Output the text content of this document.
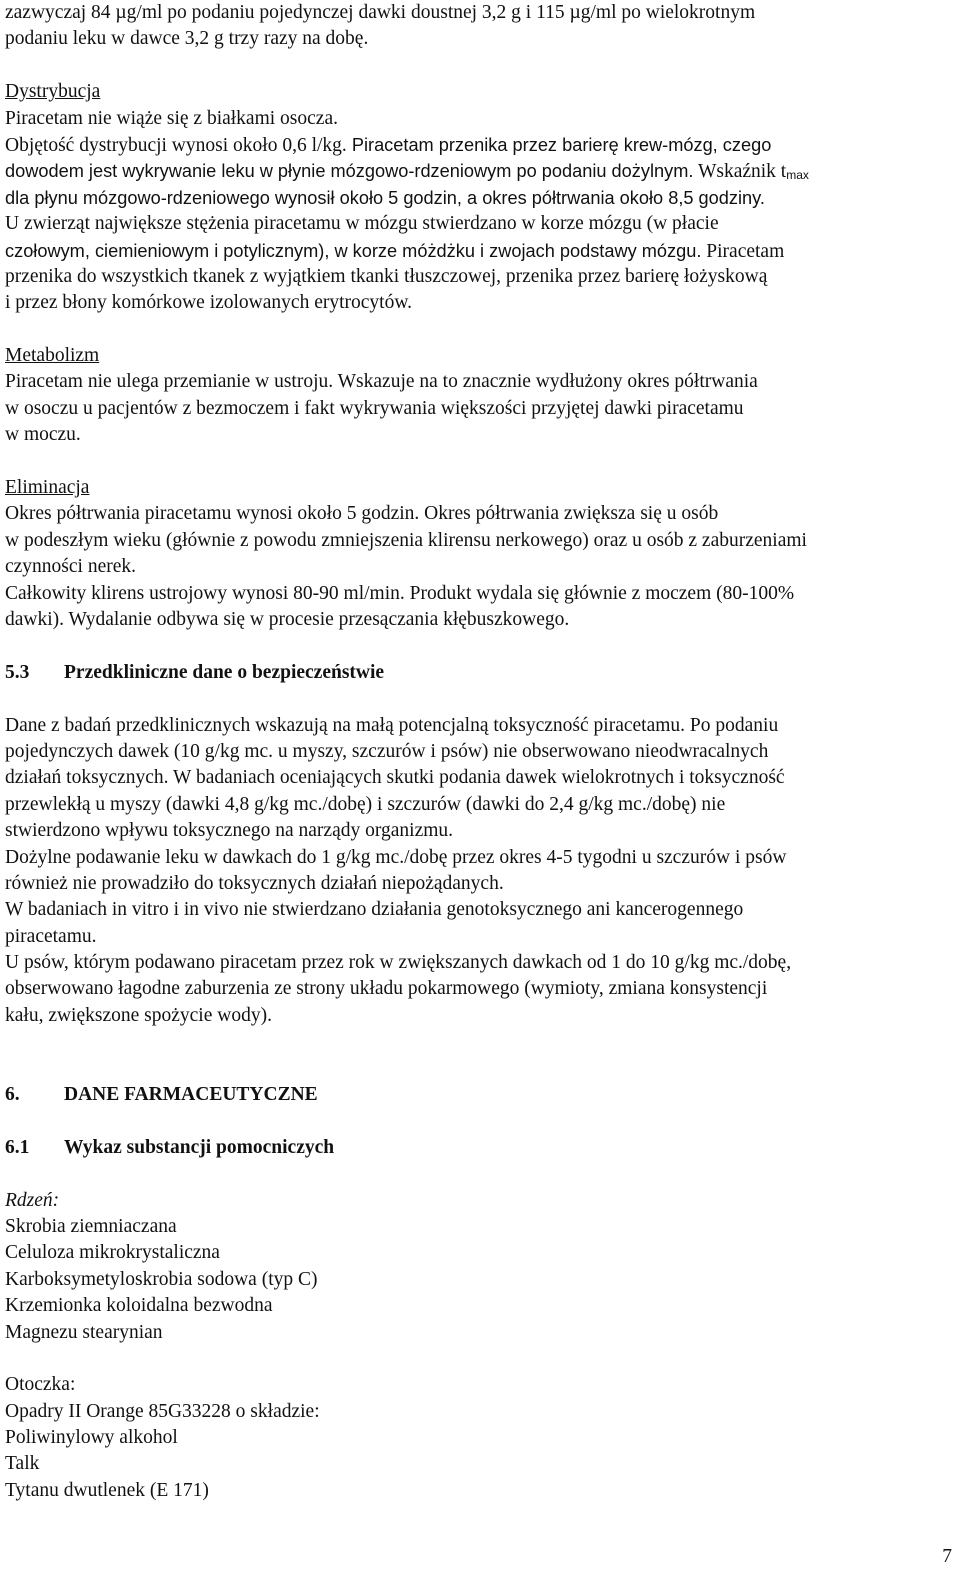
zazwyczaj 84 µg/ml po podaniu pojedynczej dawki doustnej 3,2 g i 115 µg/ml po wielokrotnym
podaniu leku w dawce 3,2 g trzy razy na dobę.
Dystrybucja
Piracetam nie wiąże się z białkami osocza.
Objętość dystrybucji wynosi około 0,6 l/kg. Piracetam przenika przez barierę krew-mózg, czego
dowodem jest wykrywanie leku w płynie mózgowo-rdzeniowym po podaniu dożylnym. Wskaźnik $t_{max}$
dla płynu mózgowo-rdzeniowego wynosił około 5 godzin, a okres półtrwania około 8,5 godziny.
U zwierząt największe stężenia piracetamu w mózgu stwierdzano w korze mózgu (w płacie
czołowym, ciemieniowym i potylicznym), w korze móżdżku i zwojach podstawy mózgu. Piracetam
przenika do wszystkich tkanek z wyjątkiem tkanki tłuszczowej, przenika przez barierę łożyskową
i przez błony komórkowe izolowanych erytrocytów.
Metabolizm
Piracetam nie ulega przemianie w ustroju. Wskazuje na to znacznie wydłużony okres półtrwania
w osoczu u pacjentów z bezmoczem i fakt wykrywania większości przyjętej dawki piracetamu
w moczu.
Eliminacja
Okres półtrwania piracetamu wynosi około 5 godzin. Okres półtrwania zwiększa się u osób
w podeszłym wieku (głównie z powodu zmniejszenia klirensu nerkowego) oraz u osób z zaburzeniami
czynności nerek.
Całkowity klirens ustrojowy wynosi 80-90 ml/min. Produkt wydala się głównie z moczem (80-100%
dawki). Wydalanie odbywa się w procesie przesączania kłębuszkowego.
5.3 Przedkliniczne dane o bezpieczeństwie
Dane z badań przedklinicznych wskazują na małą potencjalną toksyczność piracetamu. Po podaniu
pojedynczych dawek (10 g/kg mc. u myszy, szczurów i psów) nie obserwowano nieodwracalnych
działań toksycznych. W badaniach oceniających skutki podania dawek wielokrotnych i toksyczność
przewlekłą u myszy (dawki 4,8 g/kg mc./dobę) i szczurów (dawki do 2,4 g/kg mc./dobę) nie
stwierdzono wpływu toksycznego na narządy organizmu.
Dożylne podawanie leku w dawkach do 1 g/kg mc./dobę przez okres 4-5 tygodni u szczurów i psów
również nie prowadziło do toksycznych działań niepożądanych.
W badaniach in vitro i in vivo nie stwierdzano działania genotoksycznego ani kancerogennego
piracetamu.
U psów, którym podawano piracetam przez rok w zwiększanych dawkach od 1 do 10 g/kg mc./dobę,
obserwowano łagodne zaburzenia ze strony układu pokarmowego (wymioty, zmiana konsystencji
kału, zwiększone spożycie wody).
6. DANE FARMACEUTYCZNE
6.1 Wykaz substancji pomocniczych
Rdzeń:
Skrobia ziemniaczana
Celuloza mikrokrystaliczna
Karboksymetyloskrobia sodowa (typ C)
Krzemionka koloidalna bezwodna
Magnezu stearynian
Otoczka:
Opadry II Orange 85G33228 o składzie:
Poliwinylowy alkohol
Talk
Tytanu dwutlenek (E 171)
7
